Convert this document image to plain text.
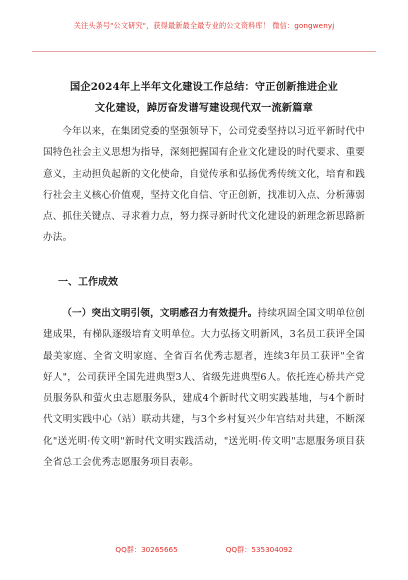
关注头条号"公文研究"，获得最新最全最专业的公文资料库！ 微信：gongwenyj
国企2024年上半年文化建设工作总结：守正创新推进企业
文化建设，踔厉奋发谱写建设现代双一流新篇章
今年以来，在集团党委的坚强领导下，公司党委坚持以习近平新时代中国特色社会主义思想为指导，深刻把握国有企业文化建设的时代要求、重要意义，主动担负起新的文化使命，自觉传承和弘扬优秀传统文化，培育和践行社会主义核心价值观，坚持文化自信、守正创新，找准切入点、分析薄弱点、抓住关键点、寻求着力点，努力探寻新时代文化建设的新理念新思路新办法。
一、工作成效
（一）突出文明引领，文明感召力有效提升。持续巩固全国文明单位创建成果，有梯队逐级培育文明单位。大力弘扬文明新风，3名员工获评全国最美家庭、全省文明家庭、全省百名优秀志愿者，连续3年员工获评"全省好人"，公司获评全国先进典型3人、省级先进典型6人。依托连心桥共产党员服务队和萤火虫志愿服务队，建成4个新时代文明实践基地，与4个新时代文明实践中心（站）联动共建，与3个乡村复兴少年宫结对共建，不断深化"送光明·传文明"新时代文明实践活动，"送光明·传文明"志愿服务项目获全省总工会优秀志愿服务项目表彰。
QQ群：30265665	QQ群：535304092
